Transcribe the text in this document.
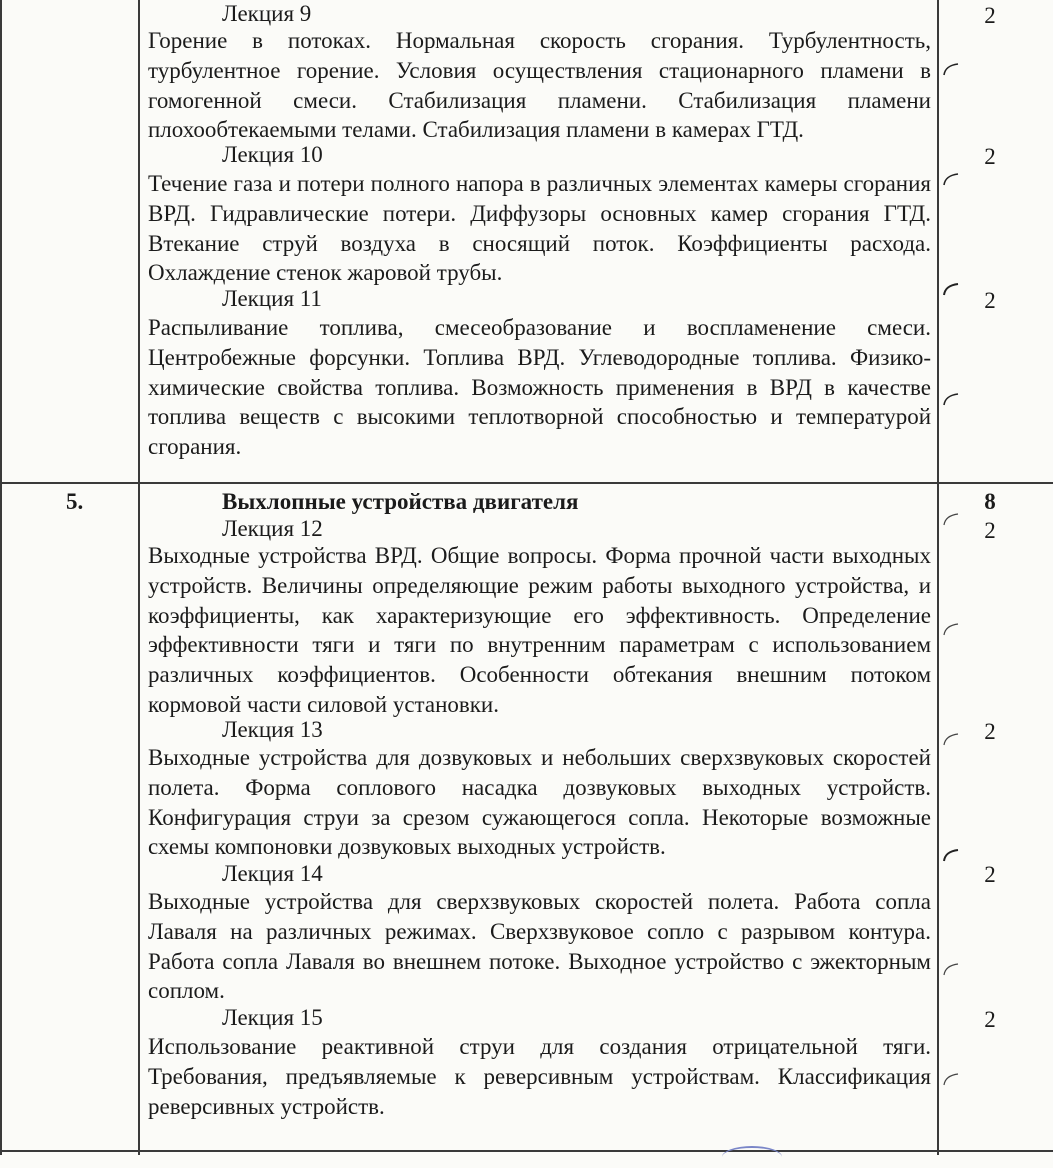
Лекция 9	2
Горение в потоках. Нормальная скорость сгорания. Турбулентность, турбулентное горение. Условия осуществления стационарного пламени в гомогенной смеси. Стабилизация пламени. Стабилизация пламени плохообтекаемыми телами. Стабилизация пламени в камерах ГТД.
Лекция 10	2
Течение газа и потери полного напора в различных элементах камеры сгорания ВРД. Гидравлические потери. Диффузоры основных камер сгорания ГТД. Втекание струй воздуха в сносящий поток. Коэффициенты расхода. Охлаждение стенок жаровой трубы.
Лекция 11	2
Распыливание топлива, смесеобразование и воспламенение смеси. Центробежные форсунки. Топлива ВРД. Углеводородные топлива. Физико-химические свойства топлива. Возможность применения в ВРД в качестве топлива веществ с высокими теплотворной способностью и температурой сгорания.
5.	Выхлопные устройства двигателя	8
Лекция 12	2
Выходные устройства ВРД. Общие вопросы. Форма прочной части выходных устройств. Величины определяющие режим работы выходного устройства, и коэффициенты, как характеризующие его эффективность. Определение эффективности тяги и тяги по внутренним параметрам с использованием различных коэффициентов. Особенности обтекания внешним потоком кормовой части силовой установки.
Лекция 13	2
Выходные устройства для дозвуковых и небольших сверхзвуковых скоростей полета. Форма соплового насадка дозвуковых выходных устройств. Конфигурация струи за срезом сужающегося сопла. Некоторые возможные схемы компоновки дозвуковых выходных устройств.
Лекция 14	2
Выходные устройства для сверхзвуковых скоростей полета. Работа сопла Лаваля на различных режимах. Сверхзвуковое сопло с разрывом контура. Работа сопла Лаваля во внешнем потоке. Выходное устройство с эжекторным соплом.
Лекция 15	2
Использование реактивной струи для создания отрицательной тяги. Требования, предъявляемые к реверсивным устройствам. Классификация реверсивных устройств.
